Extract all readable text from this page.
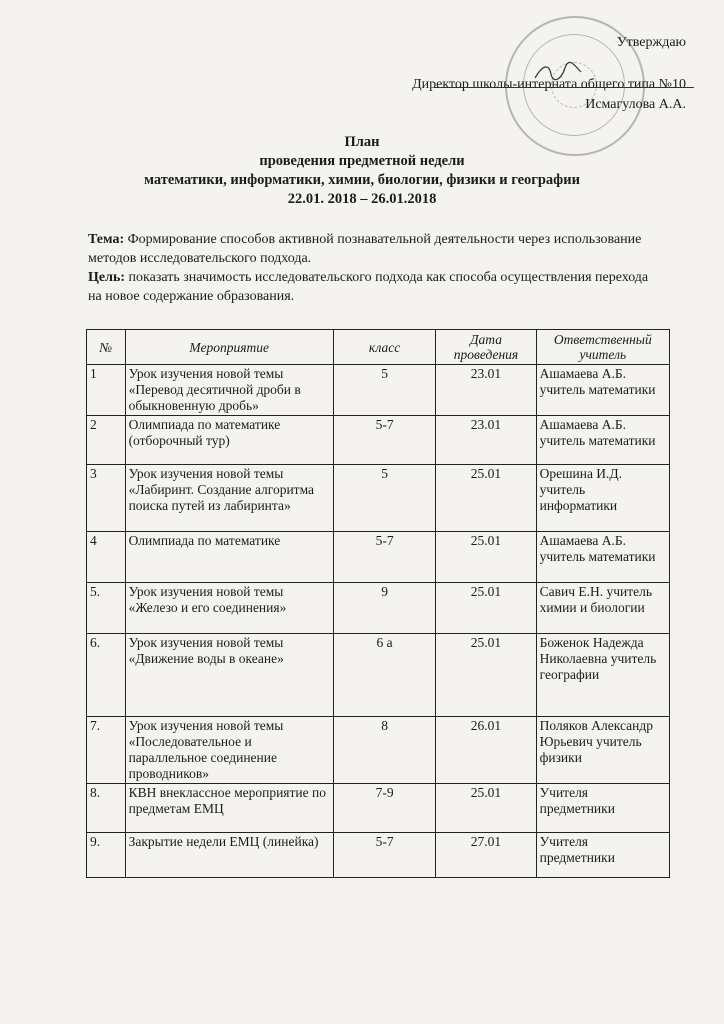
Утверждаю
Директор школы-интерната общего типа №10
Исмагулова А.А.
План
проведения предметной недели
математики, информатики, химии, биологии, физики и географии
22.01. 2018 – 26.01.2018
Тема: Формирование способов активной познавательной деятельности через использование методов исследовательского подхода.
Цель: показать значимость исследовательского подхода как способа осуществления перехода на новое содержание образования.
№	Мероприятие	класс	Дата проведения	Ответственный учитель
1	Урок изучения новой темы «Перевод десятичной дроби в обыкновенную дробь»	5	23.01	Ашамаева А.Б. учитель математики
2	Олимпиада по математике (отборочный тур)	5-7	23.01	Ашамаева А.Б. учитель математики
3	Урок изучения новой темы «Лабиринт. Создание алгоритма поиска путей из лабиринта»	5	25.01	Орешина И.Д. учитель информатики
4	Олимпиада по математике	5-7	25.01	Ашамаева А.Б. учитель математики
5.	Урок изучения новой темы «Железо и его соединения»	9	25.01	Савич Е.Н. учитель химии и биологии
6.	Урок изучения новой темы «Движение воды в океане»	6 а	25.01	Боженок Надежда Николаевна учитель географии
7.	Урок изучения новой темы «Последовательное и параллельное соединение проводников»	8	26.01	Поляков Александр Юрьевич учитель физики
8.	КВН внеклассное мероприятие по предметам ЕМЦ	7-9	25.01	Учителя предметники
9.	Закрытие недели ЕМЦ (линейка)	5-7	27.01	Учителя предметники
